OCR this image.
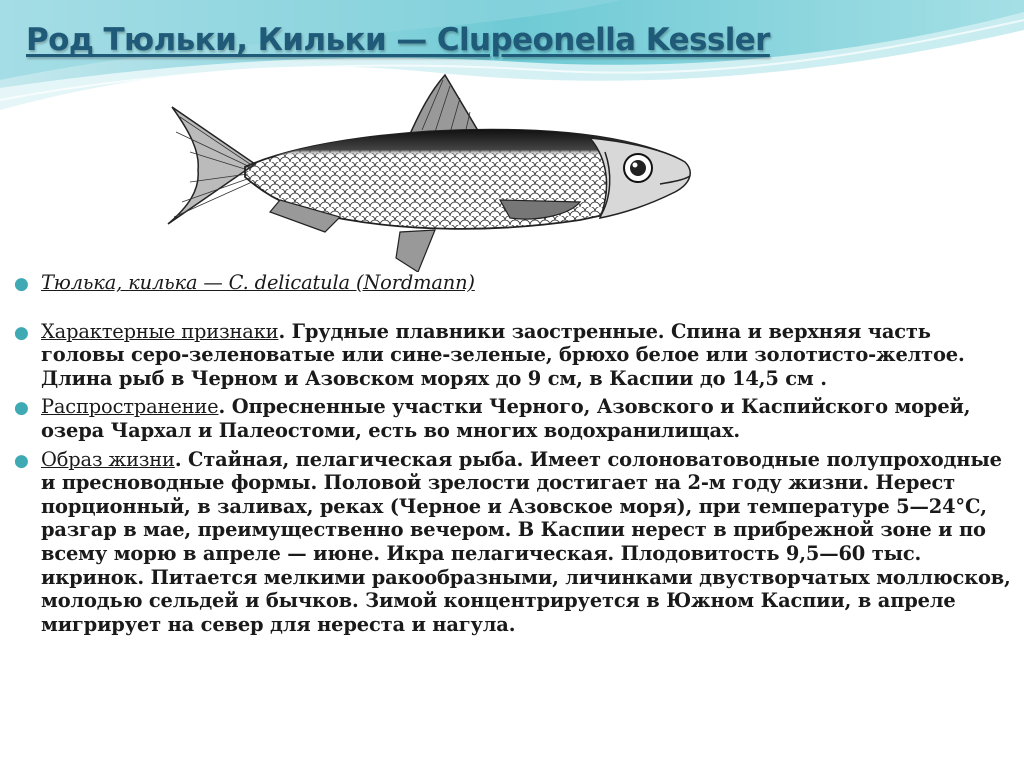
Род Тюльки, Кильки — Clupeonella Kessler
● Тюлька, килька — C. delicatula (Nordmann)
● Характерные признаки. Грудные плавники заостренные. Спина и верхняя часть головы серо-зеленоватые или сине-зеленые, брюхо белое или золотисто-желтое. Длина рыб в Черном и Азовском морях до 9 см, в Каспии до 14,5 см .
● Распространение. Опресненные участки Черного, Азовского и Каспийского морей, озера Чархал и Палеостоми, есть во многих водохранилищах.
● Образ жизни. Стайная, пелагическая рыба. Имеет солоноватоводные полупроходные и пресноводные формы. Половой зрелости достигает на 2-м году жизни. Нерест порционный, в заливах, реках (Черное и Азовское моря), при температуре 5—24°С, разгар в мае, преимущественно вечером. В Каспии нерест в прибрежной зоне и по всему морю в апреле — июне. Икра пелагическая. Плодовитость 9,5—60 тыс. икринок. Питается мелкими ракообразными, личинками двустворчатых моллюсков, молодью сельдей и бычков. Зимой концентрируется в Южном Каспии, в апреле мигрирует на север для нереста и нагула.
